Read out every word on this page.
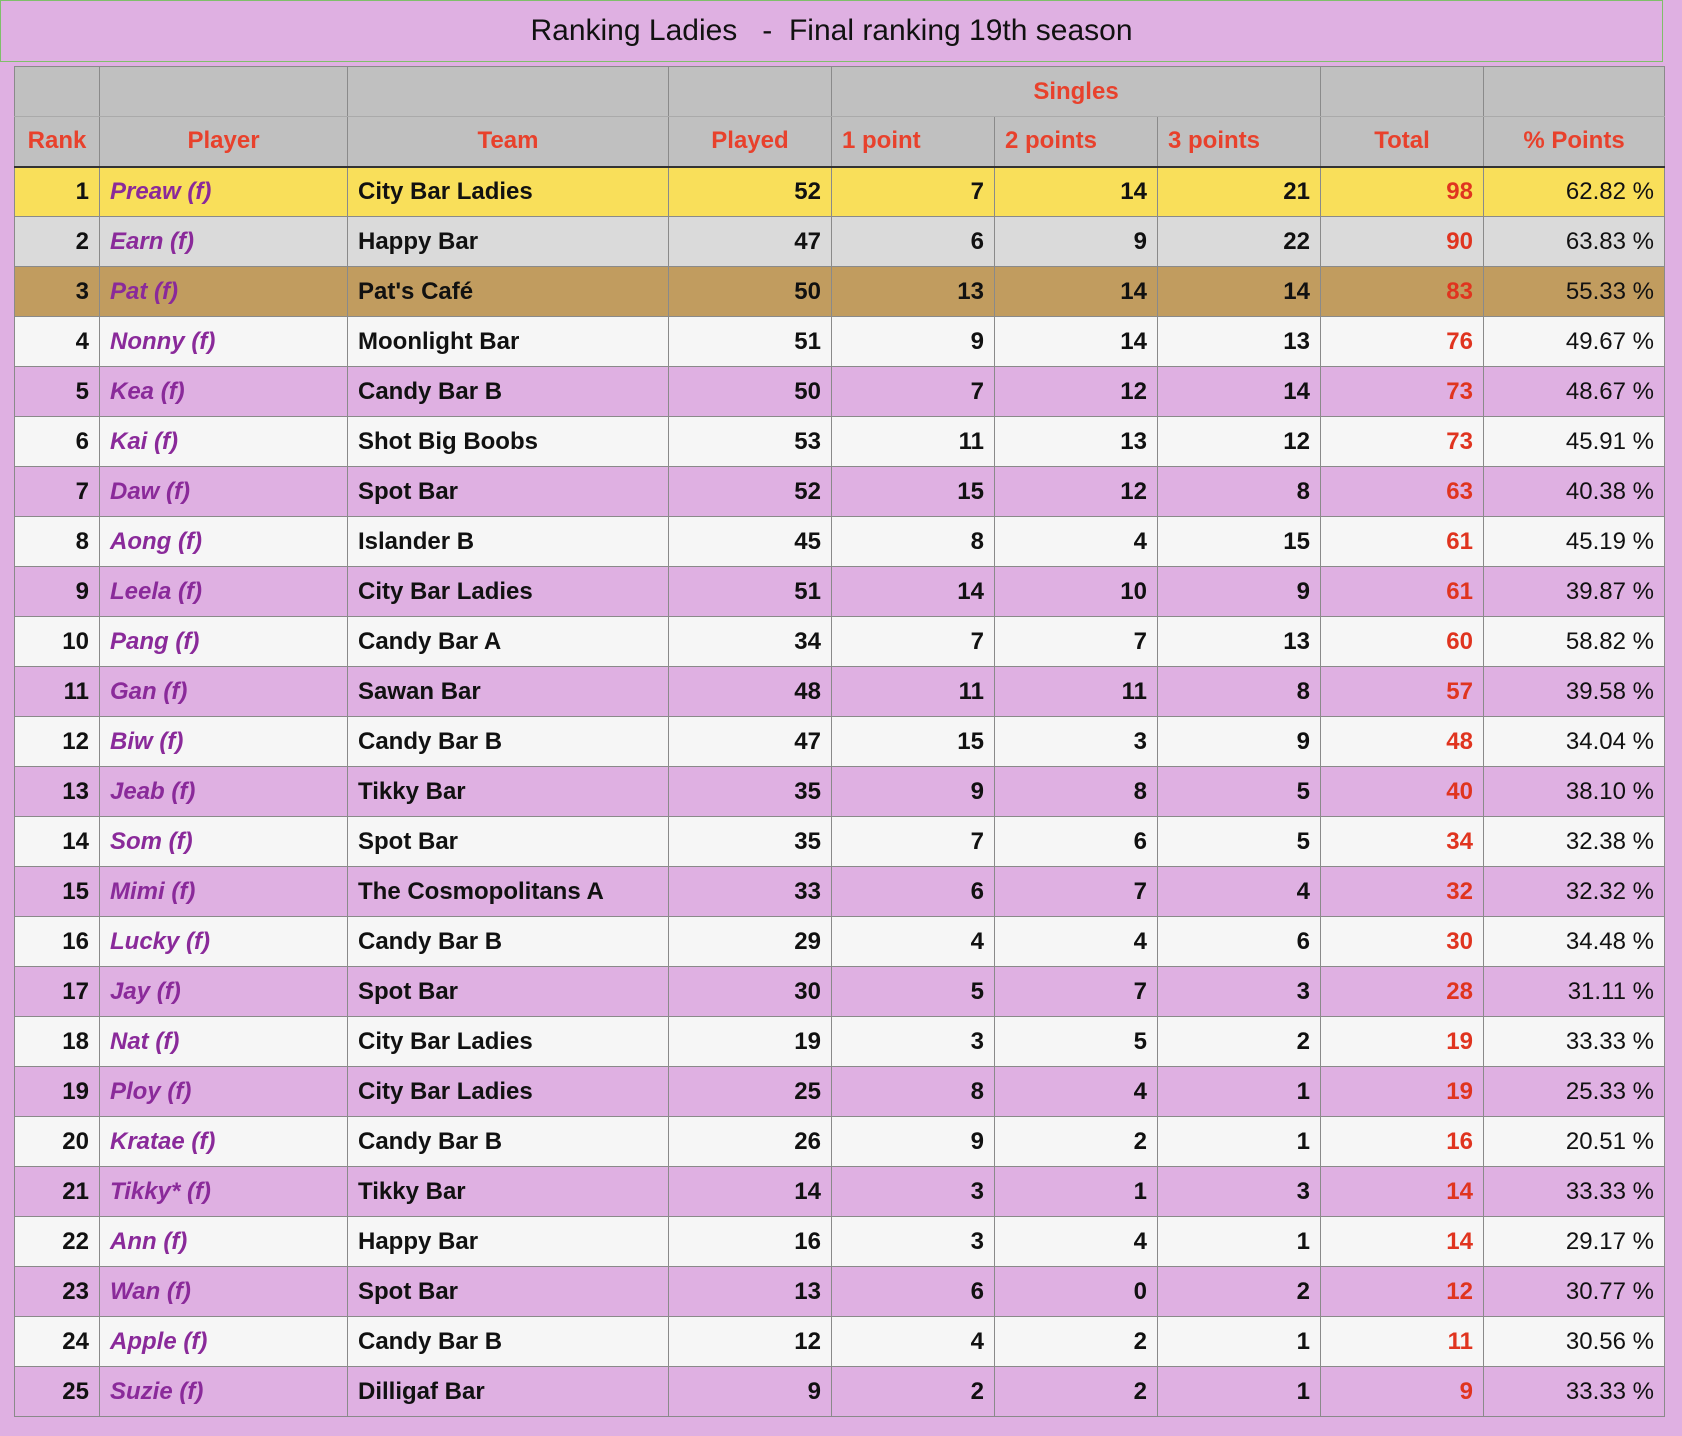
Ranking Ladies   -  Final ranking 19th season
				Singles				
Rank	Player	Team	Played	1 point	2 points	3 points	Total	% Points
1	Preaw (f)	City Bar Ladies	52	7	14	21	98	62.82 %
2	Earn (f)	Happy Bar	47	6	9	22	90	63.83 %
3	Pat (f)	Pat's Café	50	13	14	14	83	55.33 %
4	Nonny (f)	Moonlight Bar	51	9	14	13	76	49.67 %
5	Kea (f)	Candy Bar B	50	7	12	14	73	48.67 %
6	Kai (f)	Shot Big Boobs	53	11	13	12	73	45.91 %
7	Daw (f)	Spot Bar	52	15	12	8	63	40.38 %
8	Aong (f)	Islander B	45	8	4	15	61	45.19 %
9	Leela (f)	City Bar Ladies	51	14	10	9	61	39.87 %
10	Pang (f)	Candy Bar A	34	7	7	13	60	58.82 %
11	Gan (f)	Sawan Bar	48	11	11	8	57	39.58 %
12	Biw (f)	Candy Bar B	47	15	3	9	48	34.04 %
13	Jeab (f)	Tikky Bar	35	9	8	5	40	38.10 %
14	Som (f)	Spot Bar	35	7	6	5	34	32.38 %
15	Mimi (f)	The Cosmopolitans A	33	6	7	4	32	32.32 %
16	Lucky (f)	Candy Bar B	29	4	4	6	30	34.48 %
17	Jay (f)	Spot Bar	30	5	7	3	28	31.11 %
18	Nat (f)	City Bar Ladies	19	3	5	2	19	33.33 %
19	Ploy (f)	City Bar Ladies	25	8	4	1	19	25.33 %
20	Kratae (f)	Candy Bar B	26	9	2	1	16	20.51 %
21	Tikky* (f)	Tikky Bar	14	3	1	3	14	33.33 %
22	Ann (f)	Happy Bar	16	3	4	1	14	29.17 %
23	Wan (f)	Spot Bar	13	6	0	2	12	30.77 %
24	Apple (f)	Candy Bar B	12	4	2	1	11	30.56 %
25	Suzie (f)	Dilligaf Bar	9	2	2	1	9	33.33 %
